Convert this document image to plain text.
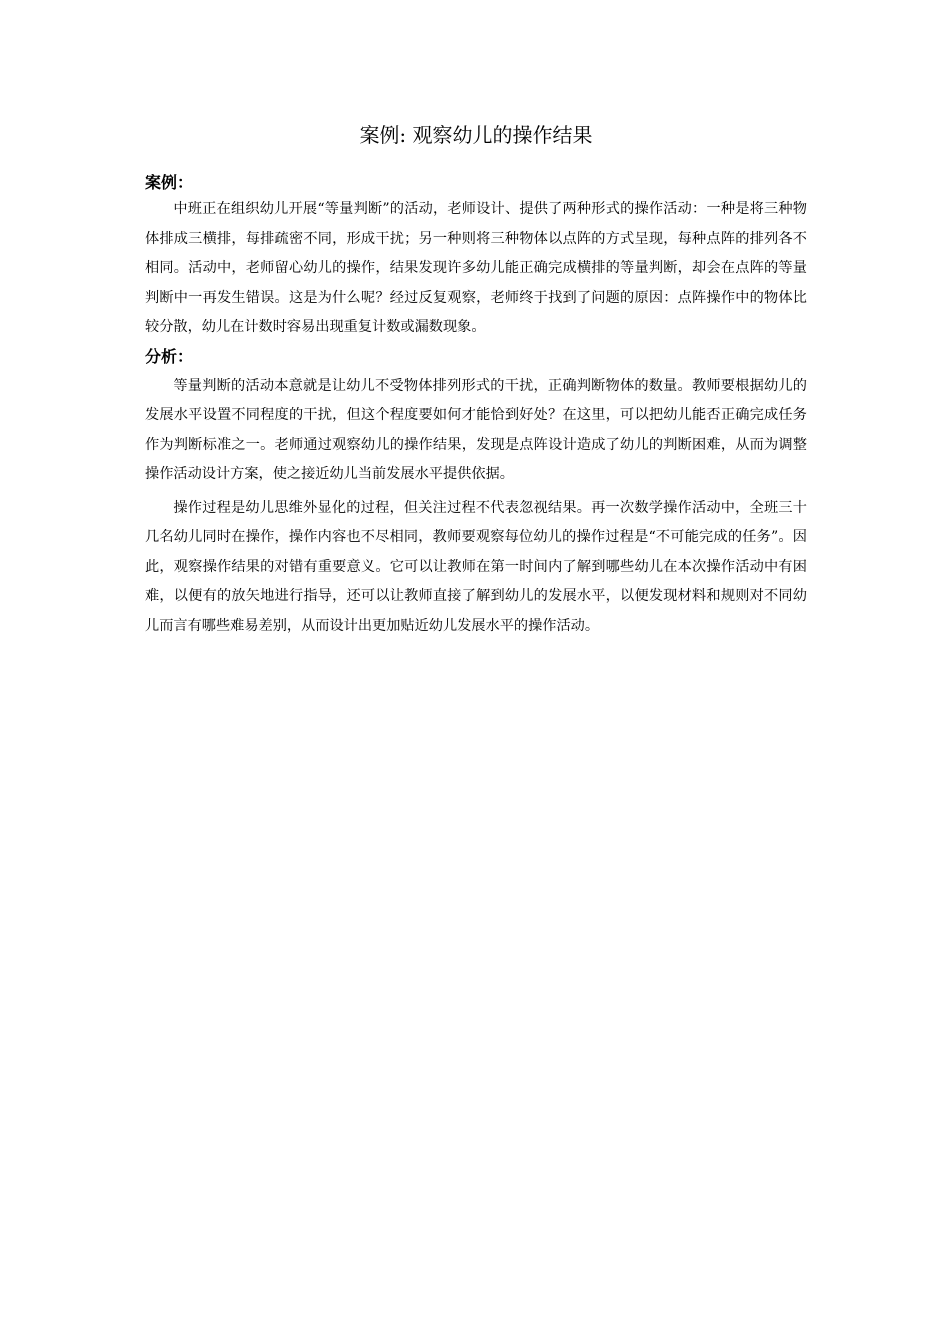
案例: 观察幼儿的操作结果
案例：

中班正在组织幼儿开展“等量判断”的活动，老师设计、提供了两种形式的操作活动：一种是将三种物体排成三横排，每排疏密不同，形成干扰；另一种则将三种物体以点阵的方式呈现，每种点阵的排列各不相同。活动中，老师留心幼儿的操作，结果发现许多幼儿能正确完成横排的等量判断，却会在点阵的等量判断中一再发生错误。这是为什么呢？经过反复观察，老师终于找到了问题的原因：点阵操作中的物体比较分散，幼儿在计数时容易出现重复计数或漏数现象。

分析：

等量判断的活动本意就是让幼儿不受物体排列形式的干扰，正确判断物体的数量。教师要根据幼儿的发展水平设置不同程度的干扰，但这个程度要如何才能恰到好处？在这里，可以把幼儿能否正确完成任务作为判断标准之一。老师通过观察幼儿的操作结果，发现是点阵设计造成了幼儿的判断困难，从而为调整操作活动设计方案，使之接近幼儿当前发展水平提供依据。

操作过程是幼儿思维外显化的过程，但关注过程不代表忽视结果。再一次数学操作活动中，全班三十几名幼儿同时在操作，操作内容也不尽相同，教师要观察每位幼儿的操作过程是“不可能完成的任务”。因此，观察操作结果的对错有重要意义。它可以让教师在第一时间内了解到哪些幼儿在本次操作活动中有困难，以便有的放矢地进行指导，还可以让教师直接了解到幼儿的发展水平，以便发现材料和规则对不同幼儿而言有哪些难易差别，从而设计出更加贴近幼儿发展水平的操作活动。
